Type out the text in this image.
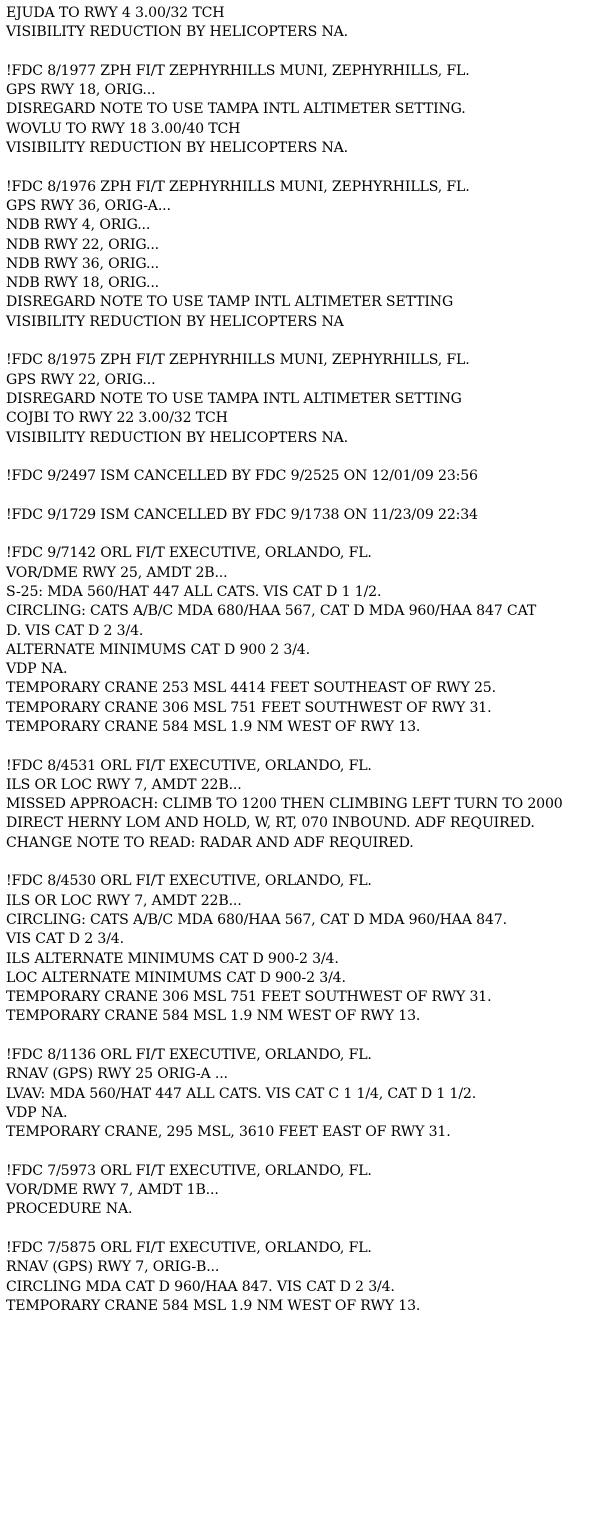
EJUDA TO RWY 4 3.00/32 TCH
VISIBILITY REDUCTION BY HELICOPTERS NA.
!FDC 8/1977 ZPH FI/T ZEPHYRHILLS MUNI, ZEPHYRHILLS, FL.
GPS RWY 18, ORIG...
DISREGARD NOTE TO USE TAMPA INTL ALTIMETER SETTING.
WOVLU TO RWY 18 3.00/40 TCH
VISIBILITY REDUCTION BY HELICOPTERS NA.
!FDC 8/1976 ZPH FI/T ZEPHYRHILLS MUNI, ZEPHYRHILLS, FL.
GPS RWY 36, ORIG-A...
NDB RWY 4, ORIG...
NDB RWY 22, ORIG...
NDB RWY 36, ORIG...
NDB RWY 18, ORIG...
DISREGARD NOTE TO USE TAMP INTL ALTIMETER SETTING
VISIBILITY REDUCTION BY HELICOPTERS NA
!FDC 8/1975 ZPH FI/T ZEPHYRHILLS MUNI, ZEPHYRHILLS, FL.
GPS RWY 22, ORIG...
DISREGARD NOTE TO USE TAMPA INTL ALTIMETER SETTING
COJBI TO RWY 22 3.00/32 TCH
VISIBILITY REDUCTION BY HELICOPTERS NA.
!FDC 9/2497 ISM CANCELLED BY FDC 9/2525 ON 12/01/09 23:56
!FDC 9/1729 ISM CANCELLED BY FDC 9/1738 ON 11/23/09 22:34
!FDC 9/7142 ORL FI/T EXECUTIVE, ORLANDO, FL.
VOR/DME RWY 25, AMDT 2B...
S-25: MDA 560/HAT 447 ALL CATS. VIS CAT D 1 1/2.
CIRCLING: CATS A/B/C MDA 680/HAA 567, CAT D MDA 960/HAA 847 CAT
D. VIS CAT D 2 3/4.
ALTERNATE MINIMUMS CAT D 900 2 3/4.
VDP NA.
TEMPORARY CRANE 253 MSL 4414 FEET SOUTHEAST OF RWY 25.
TEMPORARY CRANE 306 MSL 751 FEET SOUTHWEST OF RWY 31.
TEMPORARY CRANE 584 MSL 1.9 NM WEST OF RWY 13.
!FDC 8/4531 ORL FI/T EXECUTIVE, ORLANDO, FL.
ILS OR LOC RWY 7, AMDT 22B...
MISSED APPROACH: CLIMB TO 1200 THEN CLIMBING LEFT TURN TO 2000
DIRECT HERNY LOM AND HOLD, W, RT, 070 INBOUND. ADF REQUIRED.
CHANGE NOTE TO READ: RADAR AND ADF REQUIRED.
!FDC 8/4530 ORL FI/T EXECUTIVE, ORLANDO, FL.
ILS OR LOC RWY 7, AMDT 22B...
CIRCLING: CATS A/B/C MDA 680/HAA 567, CAT D MDA 960/HAA 847.
VIS CAT D 2 3/4.
ILS ALTERNATE MINIMUMS CAT D 900-2 3/4.
LOC ALTERNATE MINIMUMS CAT D 900-2 3/4.
TEMPORARY CRANE 306 MSL 751 FEET SOUTHWEST OF RWY 31.
TEMPORARY CRANE 584 MSL 1.9 NM WEST OF RWY 13.
!FDC 8/1136 ORL FI/T EXECUTIVE, ORLANDO, FL.
RNAV (GPS) RWY 25 ORIG-A ...
LVAV: MDA 560/HAT 447 ALL CATS. VIS CAT C 1 1/4, CAT D 1 1/2.
VDP NA.
TEMPORARY CRANE, 295 MSL, 3610 FEET EAST OF RWY 31.
!FDC 7/5973 ORL FI/T EXECUTIVE, ORLANDO, FL.
VOR/DME RWY 7, AMDT 1B...
PROCEDURE NA.
!FDC 7/5875 ORL FI/T EXECUTIVE, ORLANDO, FL.
RNAV (GPS) RWY 7, ORIG-B...
CIRCLING MDA CAT D 960/HAA 847. VIS CAT D 2 3/4.
TEMPORARY CRANE 584 MSL 1.9 NM WEST OF RWY 13.
